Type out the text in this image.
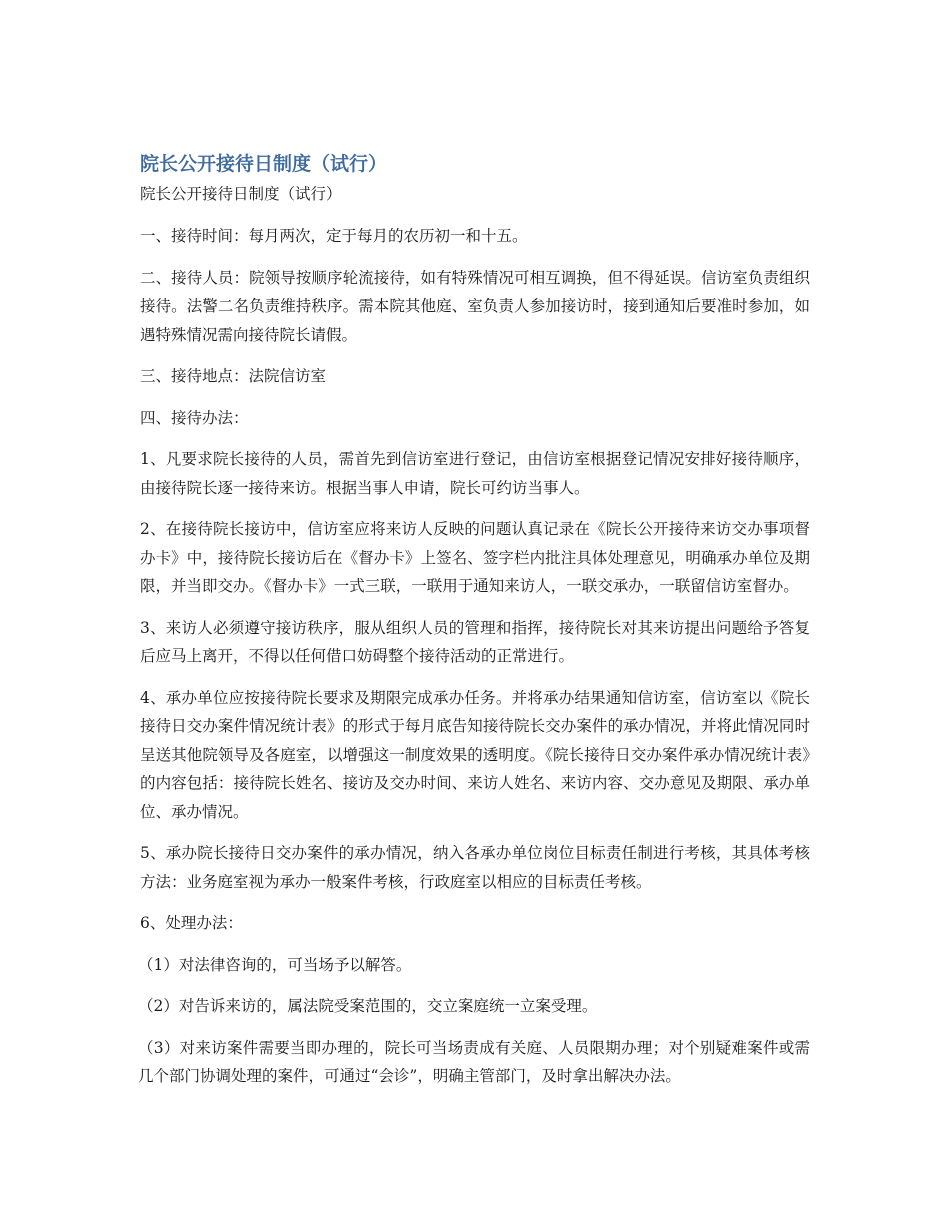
院长公开接待日制度（试行）

院长公开接待日制度（试行）

一、接待时间：每月两次，定于每月的农历初一和十五。

二、接待人员：院领导按顺序轮流接待，如有特殊情况可相互调换，但不得延误。信访室负责组织接待。法警二名负责维持秩序。需本院其他庭、室负责人参加接访时，接到通知后要准时参加，如遇特殊情况需向接待院长请假。

三、接待地点：法院信访室

四、接待办法：

1、凡要求院长接待的人员，需首先到信访室进行登记，由信访室根据登记情况安排好接待顺序，由接待院长逐一接待来访。根据当事人申请，院长可约访当事人。

2、在接待院长接访中，信访室应将来访人反映的问题认真记录在《院长公开接待来访交办事项督办卡》中，接待院长接访后在《督办卡》上签名、签字栏内批注具体处理意见，明确承办单位及期限，并当即交办。《督办卡》一式三联，一联用于通知来访人，一联交承办，一联留信访室督办。

3、来访人必须遵守接访秩序，服从组织人员的管理和指挥，接待院长对其来访提出问题给予答复后应马上离开，不得以任何借口妨碍整个接待活动的正常进行。

4、承办单位应按接待院长要求及期限完成承办任务。并将承办结果通知信访室，信访室以《院长接待日交办案件情况统计表》的形式于每月底告知接待院长交办案件的承办情况，并将此情况同时呈送其他院领导及各庭室，以增强这一制度效果的透明度。《院长接待日交办案件承办情况统计表》的内容包括：接待院长姓名、接访及交办时间、来访人姓名、来访内容、交办意见及期限、承办单位、承办情况。

5、承办院长接待日交办案件的承办情况，纳入各承办单位岗位目标责任制进行考核，其具体考核方法：业务庭室视为承办一般案件考核，行政庭室以相应的目标责任考核。

6、处理办法：

（1）对法律咨询的，可当场予以解答。

（2）对告诉来访的，属法院受案范围的，交立案庭统一立案受理。

（3）对来访案件需要当即办理的，院长可当场责成有关庭、人员限期办理；对个别疑难案件或需几个部门协调处理的案件，可通过“会诊”，明确主管部门，及时拿出解决办法。
